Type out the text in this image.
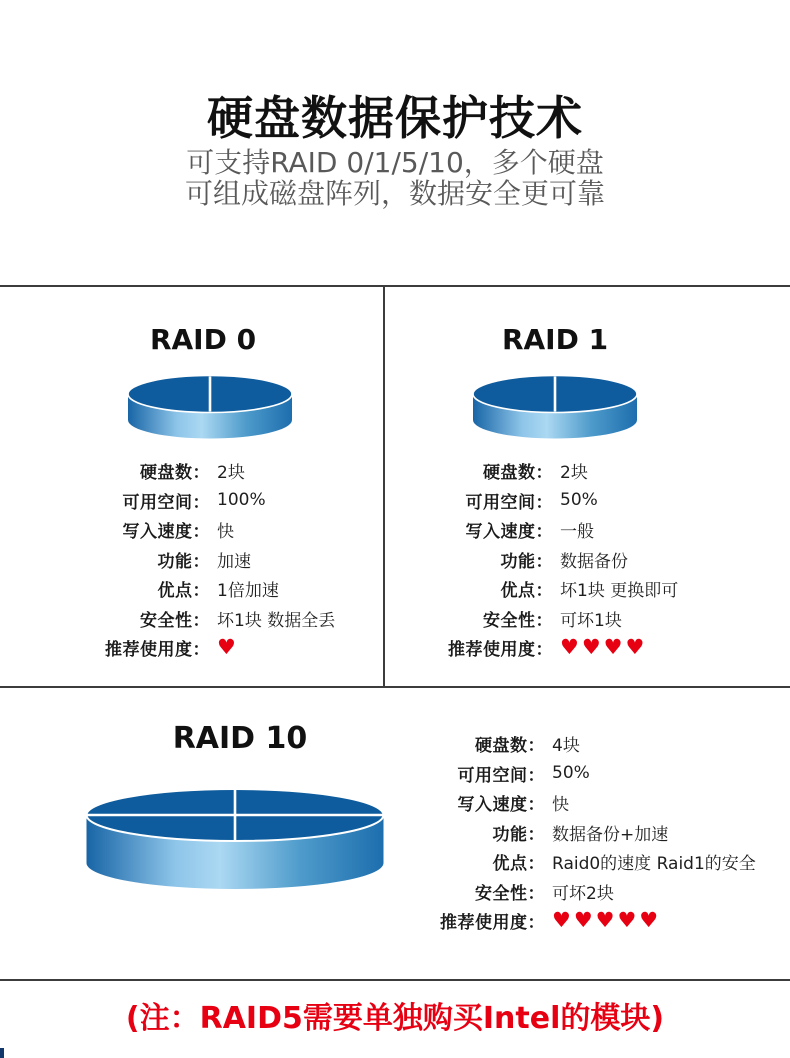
硬盘数据保护技术
可支持RAID 0/1/5/10，多个硬盘
可组成磁盘阵列，数据安全更可靠
RAID 0
硬盘数： 2块
可用空间： 100%
写入速度： 快
功能： 加速
优点： 1倍加速
安全性： 坏1块 数据全丢
推荐使用度： ♥
RAID 1
硬盘数： 2块
可用空间： 50%
写入速度： 一般
功能： 数据备份
优点： 坏1块 更换即可
安全性： 可坏1块
推荐使用度： ♥♥♥♥
RAID 10	硬盘数： 4块
可用空间： 50%
写入速度： 快
功能： 数据备份+加速
优点： Raid0的速度 Raid1的安全
安全性： 可坏2块
推荐使用度： ♥♥♥♥♥
(注：RAID5需要单独购买Intel的模块)
